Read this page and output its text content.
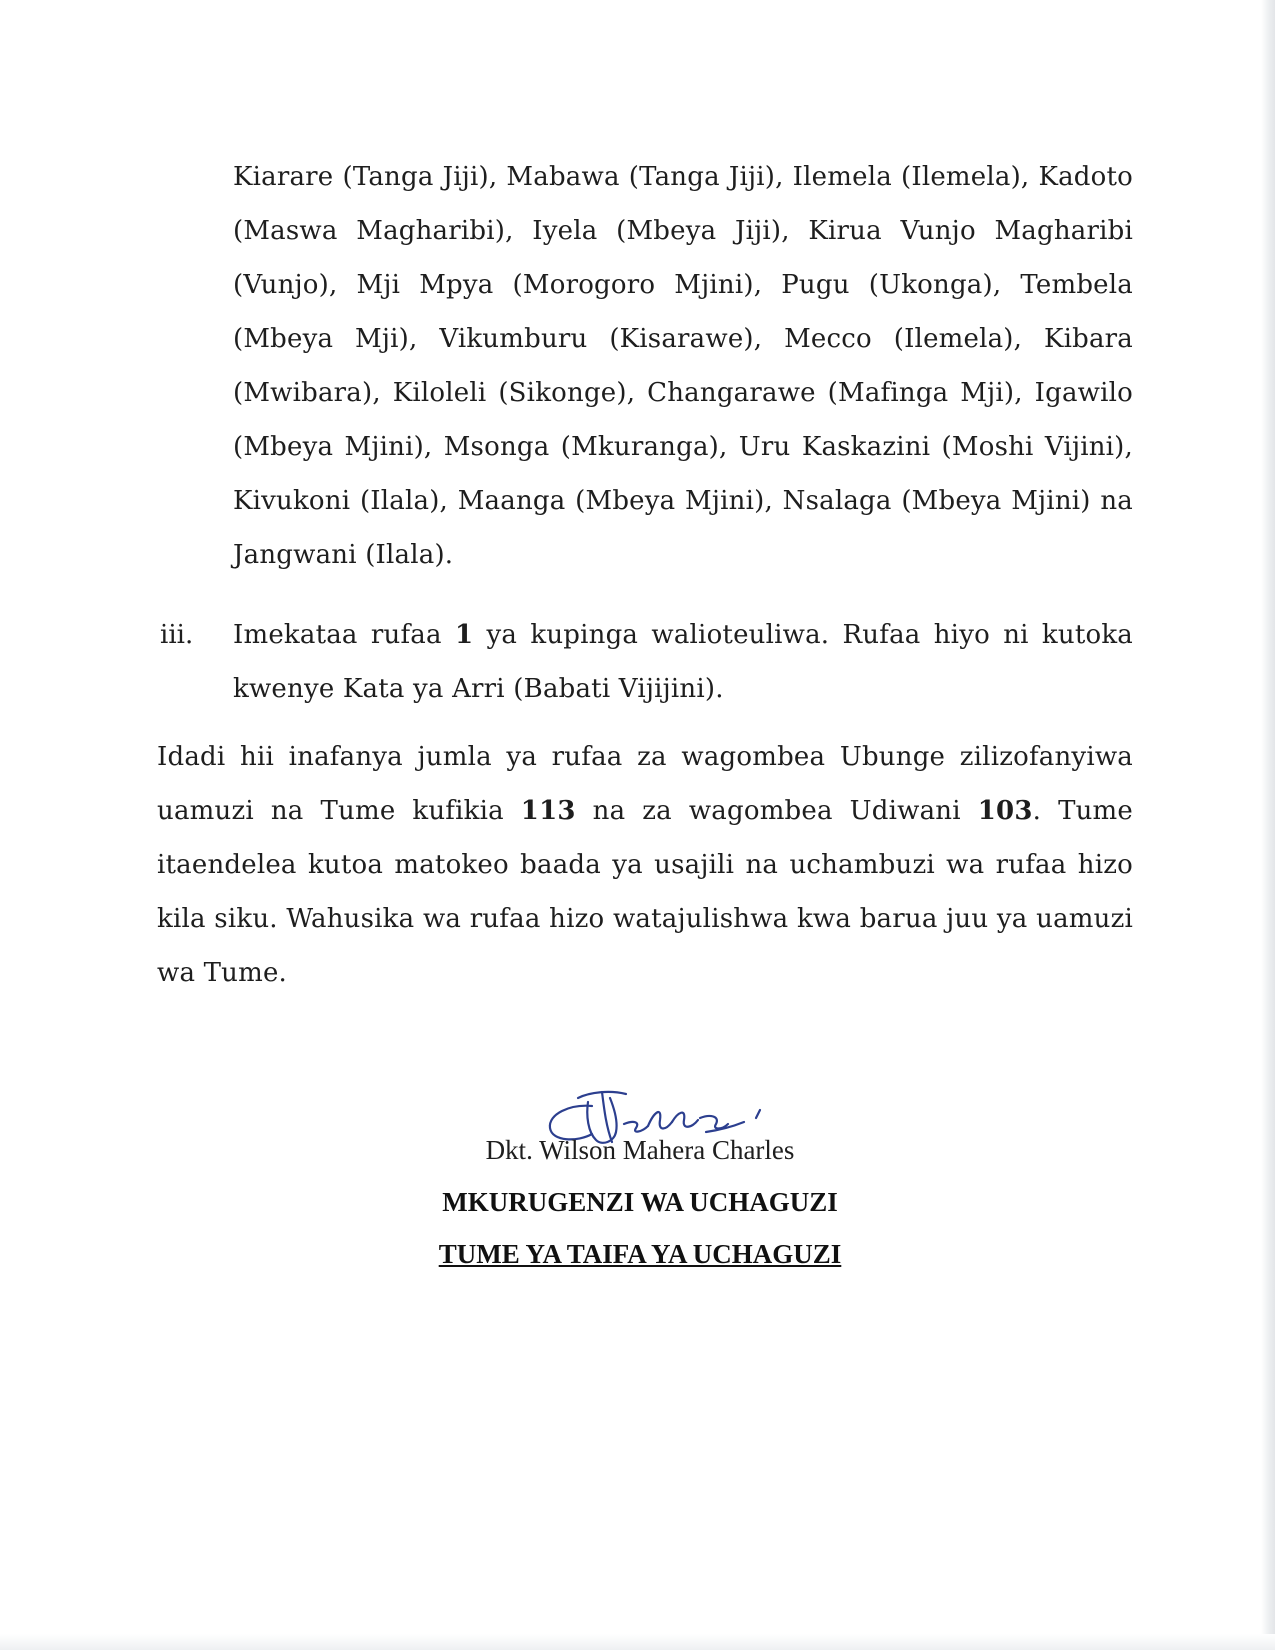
Kiarare (Tanga Jiji), Mabawa (Tanga Jiji), Ilemela (Ilemela), Kadoto (Maswa Magharibi), Iyela (Mbeya Jiji), Kirua Vunjo Magharibi (Vunjo), Mji Mpya (Morogoro Mjini), Pugu (Ukonga), Tembela (Mbeya Mji), Vikumburu (Kisarawe), Mecco (Ilemela), Kibara (Mwibara), Kiloleli (Sikonge), Changarawe (Mafinga Mji), Igawilo (Mbeya Mjini), Msonga (Mkuranga), Uru Kaskazini (Moshi Vijini), Kivukoni (Ilala), Maanga (Mbeya Mjini), Nsalaga (Mbeya Mjini) na Jangwani (Ilala).
iii. Imekataa rufaa 1 ya kupinga walioteuliwa. Rufaa hiyo ni kutoka kwenye Kata ya Arri (Babati Vijijini).
Idadi hii inafanya jumla ya rufaa za wagombea Ubunge zilizofanyiwa uamuzi na Tume kufikia 113 na za wagombea Udiwani 103. Tume itaendelea kutoa matokeo baada ya usajili na uchambuzi wa rufaa hizo kila siku. Wahusika wa rufaa hizo watajulishwa kwa barua juu ya uamuzi wa Tume.
Dkt. Wilson Mahera Charles
MKURUGENZI WA UCHAGUZI
TUME YA TAIFA YA UCHAGUZI
